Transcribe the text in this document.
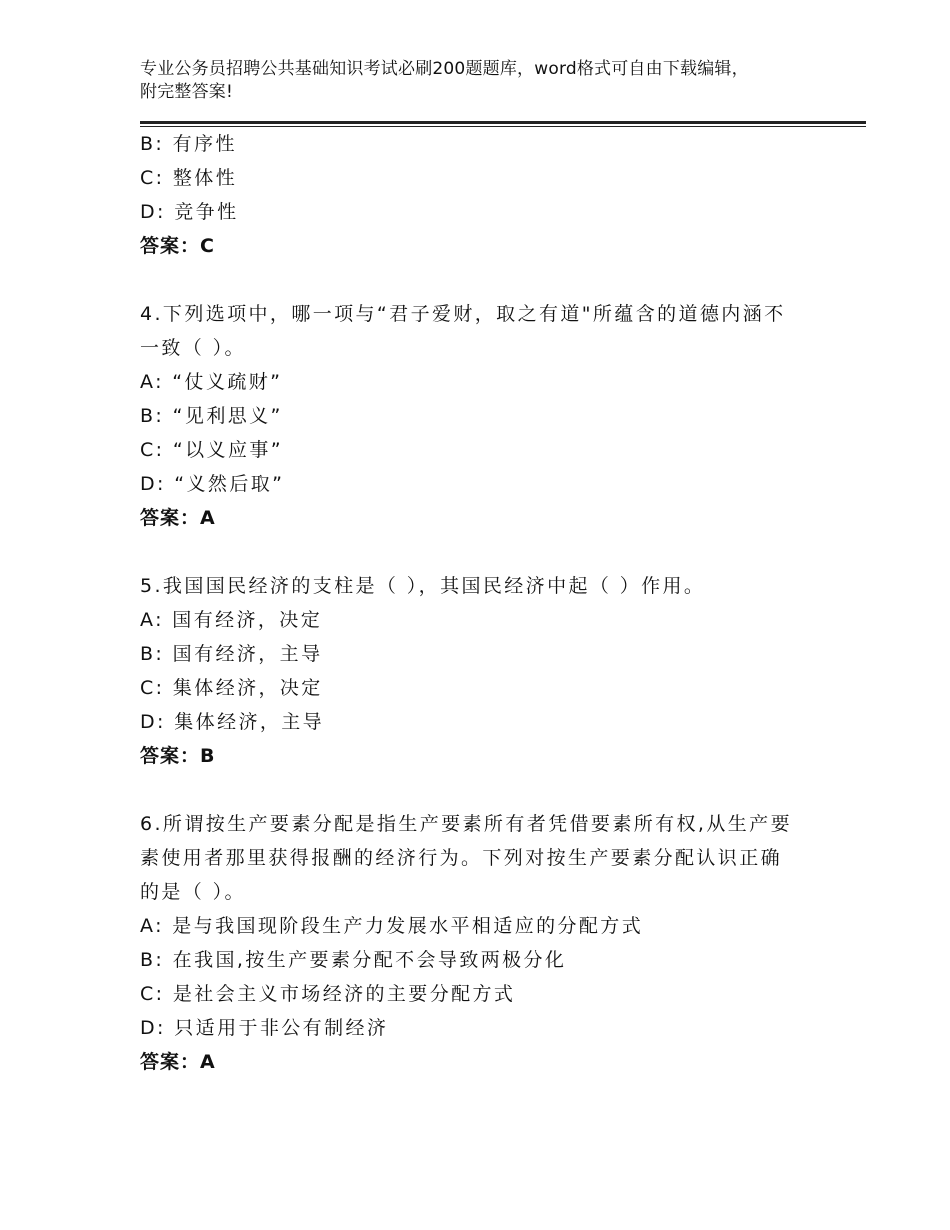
专业公务员招聘公共基础知识考试必刷200题题库，word格式可自由下载编辑，
附完整答案!
B: 有序性
C: 整体性
D: 竞争性
答案：C
4.下列选项中，哪一项与“君子爱财，取之有道"所蕴含的道德内涵不
一致（ ）。
A: “仗义疏财”
B: “见利思义”
C: “以义应事”
D: “义然后取”
答案：A
5.我国国民经济的支柱是（ ），其国民经济中起（ ）作用。
A: 国有经济，决定
B: 国有经济，主导
C: 集体经济，决定
D: 集体经济，主导
答案：B
6.所谓按生产要素分配是指生产要素所有者凭借要素所有权,从生产要
素使用者那里获得报酬的经济行为。下列对按生产要素分配认识正确
的是（ ）。
A: 是与我国现阶段生产力发展水平相适应的分配方式
B: 在我国,按生产要素分配不会导致两极分化
C: 是社会主义市场经济的主要分配方式
D: 只适用于非公有制经济
答案：A
